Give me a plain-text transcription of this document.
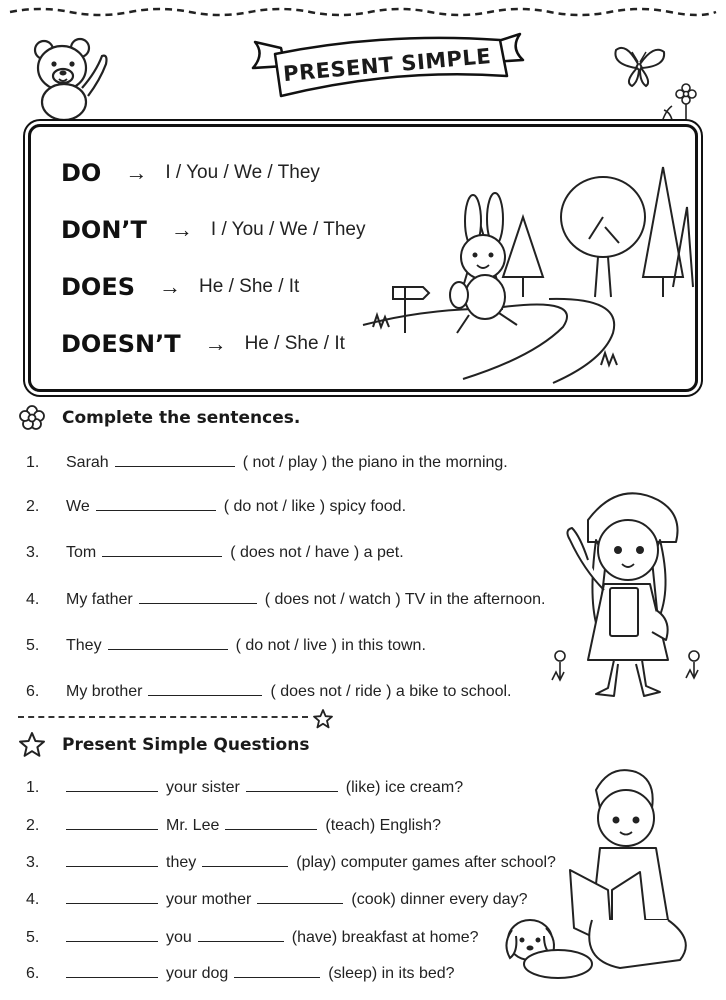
PRESENT SIMPLE
DO → I / You / We / They
DON’T → I / You / We / They
DOES → He / She / It
DOESN’T → He / She / It
Complete the sentences.
1.	Sarah	( not / play ) the piano in the morning.
2.	We	( do not / like ) spicy food.
3.	Tom	( does not / have ) a pet.
4.	My father	( does not / watch ) TV in the afternoon.
5.	They	( do not / live ) in this town.
6.	My brother	( does not / ride ) a bike to school.
Present Simple Questions
1.	your sister	(like) ice cream?
2.	Mr. Lee	(teach) English?
3.	they	(play) computer games after school?
4.	your mother	(cook) dinner every day?
5.	you	(have) breakfast at home?
6.	your dog	(sleep) in its bed?
